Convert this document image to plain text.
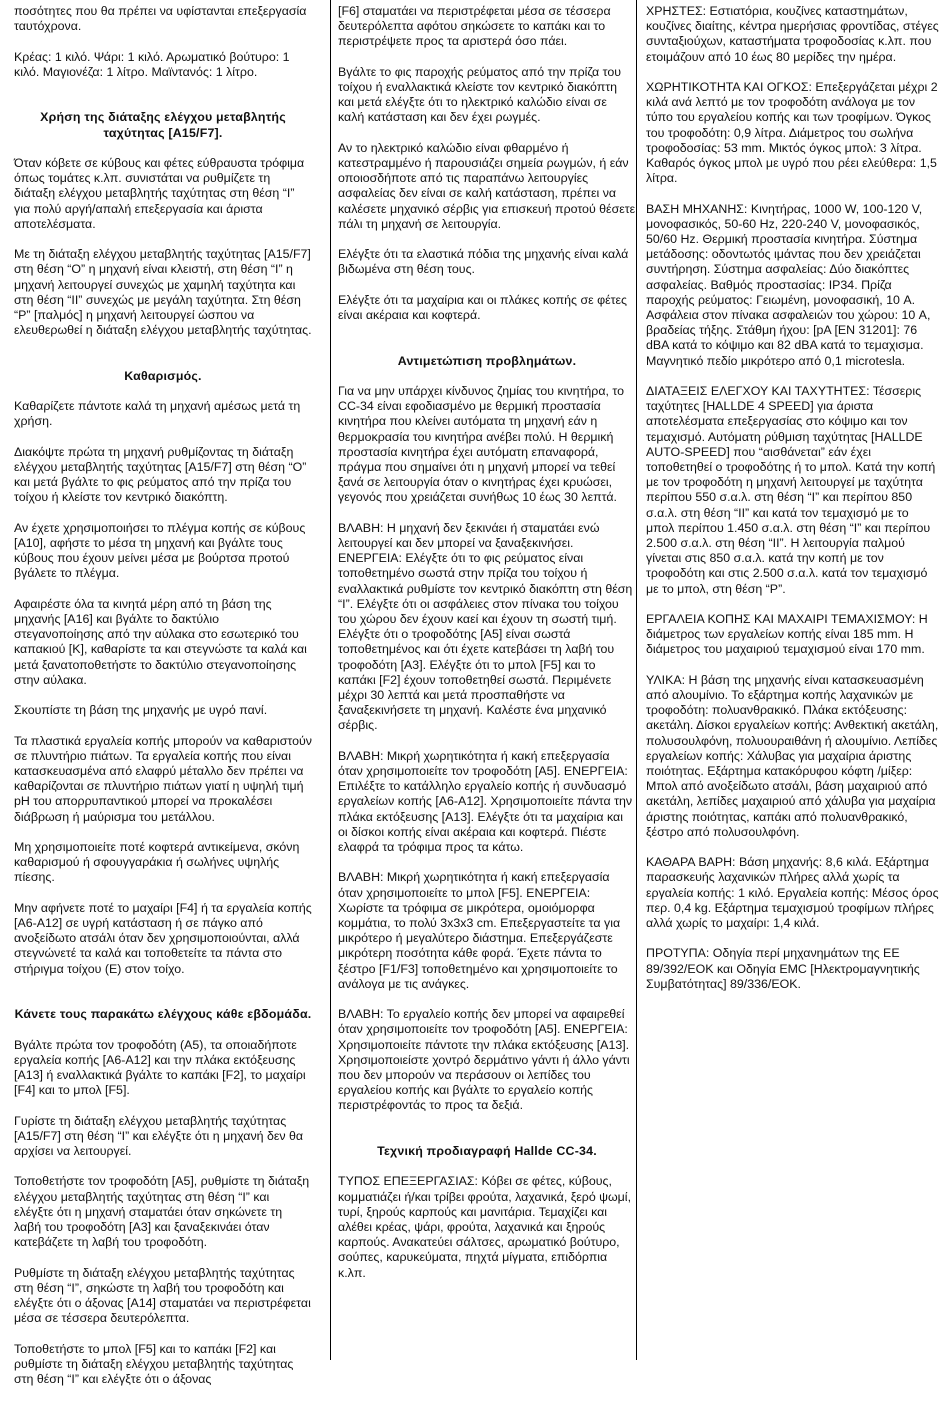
ποσότητες που θα πρέπει να υφίστανται επεξεργασία ταυτόχρονα.

Κρέας: 1 κιλό. Ψάρι: 1 κιλό. Αρωματικό βούτυρο: 1 κιλό. Μαγιονέζα: 1 λίτρο. Μαϊντανός: 1 λίτρο.

Χρήση της διάταξης ελέγχου μεταβλητής ταχύτητας [A15/F7].

Όταν κόβετε σε κύβους και φέτες εύθραυστα τρόφιμα όπως τομάτες κ.λπ. συνιστάται να ρυθμίζετε τη διάταξη ελέγχου μεταβλητής ταχύτητας στη θέση “I” για πολύ αργή/απαλή επεξεργασία και άριστα αποτελέσματα.

Με τη διάταξη ελέγχου μεταβλητής ταχύτητας [A15/F7] στη θέση “O” η μηχανή είναι κλειστή, στη θέση “I” η μηχανή λειτουργεί συνεχώς με χαμηλή ταχύτητα και στη θέση “II” συνεχώς με μεγάλη ταχύτητα. Στη θέση “P” [παλμός] η μηχανή λειτουργεί ώσπου να ελευθερωθεί η διάταξη ελέγχου μεταβλητής ταχύτητας.

Καθαρισμός.

Καθαρίζετε πάντοτε καλά τη μηχανή αμέσως μετά τη χρήση.

Διακόψτε πρώτα τη μηχανή ρυθμίζοντας τη διάταξη ελέγχου μεταβλητής ταχύτητας [A15/F7] στη θέση “O” και μετά βγάλτε το φις ρεύματος από την πρίζα του τοίχου ή κλείστε τον κεντρικό διακόπτη.

Αν έχετε χρησιμοποιήσει το πλέγμα κοπής σε κύβους [A10], αφήστε το μέσα τη μηχανή και βγάλτε τους κύβους που έχουν μείνει μέσα με βούρτσα προτού βγάλετε το πλέγμα.

Αφαιρέστε όλα τα κινητά μέρη από τη βάση της μηχανής [A16] και βγάλτε το δακτύλιο στεγανοποίησης από την αύλακα στο εσωτερικό του καπακιού [K], καθαρίστε τα και στεγνώστε τα καλά και μετά ξανατοποθετήστε το δακτύλιο στεγανοποίησης στην αύλακα.

Σκουπίστε τη βάση της μηχανής με υγρό πανί.

Τα πλαστικά εργαλεία κοπής μπορούν να καθαριστούν σε πλυντήριο πιάτων. Τα εργαλεία κοπής που είναι κατασκευασμένα από ελαφρύ μέταλλο δεν πρέπει να καθαρίζονται σε πλυντήριο πιάτων γιατί η υψηλή τιμή pH του απορρυπαντικού μπορεί να προκαλέσει διάβρωση ή μαύρισμα του μετάλλου.

Μη χρησιμοποιείτε ποτέ κοφτερά αντικείμενα, σκόνη καθαρισμού ή σφουγγαράκια ή σωλήνες υψηλής πίεσης.

Μην αφήνετε ποτέ το μαχαίρι [F4] ή τα εργαλεία κοπής [A6-A12] σε υγρή κατάσταση ή σε πάγκο από ανοξείδωτο ατσάλι όταν δεν χρησιμοποιούνται, αλλά στεγνώνετέ τα καλά και τοποθετείτε τα πάντα στο στήριγμα τοίχου (E) στον τοίχο.

Κάνετε τους παρακάτω ελέγχους κάθε εβδομάδα.

Βγάλτε πρώτα τον τροφοδότη (A5), τα οποιαδήποτε εργαλεία κοπής [A6-A12] και την πλάκα εκτόξευσης [A13] ή εναλλακτικά βγάλτε το καπάκι [F2], το μαχαίρι [F4] και το μπολ [F5].

Γυρίστε τη διάταξη ελέγχου μεταβλητής ταχύτητας [A15/F7] στη θέση “I” και ελέγξτε ότι η μηχανή δεν θα αρχίσει να λειτουργεί.

Τοποθετήστε τον τροφοδότη [A5], ρυθμίστε τη διάταξη ελέγχου μεταβλητής ταχύτητας στη θέση “I” και ελέγξτε ότι η μηχανή σταματάει όταν σηκώνετε τη λαβή του τροφοδότη [A3] και ξαναξεκινάει όταν κατεβάζετε τη λαβή του τροφοδότη.

Ρυθμίστε τη διάταξη ελέγχου μεταβλητής ταχύτητας στη θέση “I”, σηκώστε τη λαβή του τροφοδότη και ελέγξτε ότι ο άξονας [A14] σταματάει να περιστρέφεται μέσα σε τέσσερα δευτερόλεπτα.

Τοποθετήστε το μπολ [F5] και το καπάκι [F2] και ρυθμίστε τη διάταξη ελέγχου μεταβλητής ταχύτητας στη θέση “I” και ελέγξτε ότι ο άξονας

[F6] σταματάει να περιστρέφεται μέσα σε τέσσερα δευτερόλεπτα αφότου σηκώσετε το καπάκι και το περιστρέψετε προς τα αριστερά όσο πάει.

Βγάλτε το φις παροχής ρεύματος από την πρίζα του τοίχου ή εναλλακτικά κλείστε τον κεντρικό διακόπτη και μετά ελέγξτε ότι το ηλεκτρικό καλώδιο είναι σε καλή κατάσταση και δεν έχει ρωγμές.

Αν το ηλεκτρικό καλώδιο είναι φθαρμένο ή κατεστραμμένο ή παρουσιάζει σημεία ρωγμών, ή εάν οποιοσδήποτε από τις παραπάνω λειτουργίες ασφαλείας δεν είναι σε καλή κατάσταση, πρέπει να καλέσετε μηχανικό σέρβις για επισκευή προτού θέσετε πάλι τη μηχανή σε λειτουργία.

Ελέγξτε ότι τα ελαστικά πόδια της μηχανής είναι καλά βιδωμένα στη θέση τους.

Ελέγξτε ότι τα μαχαίρια και οι πλάκες κοπής σε φέτες είναι ακέραια και κοφτερά.

Αντιμετώπιση προβλημάτων.

Για να μην υπάρχει κίνδυνος ζημίας του κινητήρα, το CC-34 είναι εφοδιασμένο με θερμική προστασία κινητήρα που κλείνει αυτόματα τη μηχανή εάν η θερμοκρασία του κινητήρα ανέβει πολύ. Η θερμική προστασία κινητήρα έχει αυτόματη επαναφορά, πράγμα που σημαίνει ότι η μηχανή μπορεί να τεθεί ξανά σε λειτουργία όταν ο κινητήρας έχει κρυώσει, γεγονός που χρειάζεται συνήθως 10 έως 30 λεπτά.

ΒΛΑΒΗ: Η μηχανή δεν ξεκινάει ή σταματάει ενώ λειτουργεί και δεν μπορεί να ξαναξεκινήσει. ΕΝΕΡΓΕΙΑ: Ελέγξτε ότι το φις ρεύματος είναι τοποθετημένο σωστά στην πρίζα του τοίχου ή εναλλακτικά ρυθμίστε τον κεντρικό διακόπτη στη θέση “I”. Ελέγξτε ότι οι ασφάλειες στον πίνακα του τοίχου του χώρου δεν έχουν καεί και έχουν τη σωστή τιμή. Ελέγξτε ότι ο τροφοδότης [A5] είναι σωστά τοποθετημένος και ότι έχετε κατεβάσει τη λαβή του τροφοδότη [A3]. Ελέγξτε ότι το μπολ [F5] και το καπάκι [F2] έχουν τοποθετηθεί σωστά. Περιμένετε μέχρι 30 λεπτά και μετά προσπαθήστε να ξαναξεκινήσετε τη μηχανή. Καλέστε ένα μηχανικό σέρβις.

ΒΛΑΒΗ: Μικρή χωρητικότητα ή κακή επεξεργασία όταν χρησιμοποιείτε τον τροφοδότη [A5]. ΕΝΕΡΓΕΙΑ: Επιλέξτε το κατάλληλο εργαλείο κοπής ή συνδυασμό εργαλείων κοπής [A6-A12]. Χρησιμοποιείτε πάντα την πλάκα εκτόξευσης [A13]. Ελέγξτε ότι τα μαχαίρια και οι δίσκοι κοπής είναι ακέραια και κοφτερά. Πιέστε ελαφρά τα τρόφιμα προς τα κάτω.

ΒΛΑΒΗ: Μικρή χωρητικότητα ή κακή επεξεργασία όταν χρησιμοποιείτε το μπολ [F5]. ΕΝΕΡΓΕΙΑ: Χωρίστε τα τρόφιμα σε μικρότερα, ομοιόμορφα κομμάτια, το πολύ 3x3x3 cm. Επεξεργαστείτε τα για μικρότερο ή μεγαλύτερο διάστημα. Επεξεργάζεστε μικρότερη ποσότητα κάθε φορά. Έχετε πάντα το ξέστρο [F1/F3] τοποθετημένο και χρησιμοποιείτε το ανάλογα με τις ανάγκες.

ΒΛΑΒΗ: Το εργαλείο κοπής δεν μπορεί να αφαιρεθεί όταν χρησιμοποιείτε τον τροφοδότη [A5]. ΕΝΕΡΓΕΙΑ: Χρησιμοποιείτε πάντοτε την πλάκα εκτόξευσης [A13]. Χρησιμοποιείστε χοντρό δερμάτινο γάντι ή άλλο γάντι που δεν μπορούν να περάσουν οι λεπίδες του εργαλείου κοπής και βγάλτε το εργαλείο κοπής περιστρέφοντάς το προς τα δεξιά.

Τεχνική προδιαγραφή Hallde CC-34.

ΤΥΠΟΣ ΕΠΕΞΕΡΓΑΣΙΑΣ: Κόβει σε φέτες, κύβους, κομματιάζει ή/και τρίβει φρούτα, λαχανικά, ξερό ψωμί, τυρί, ξηρούς καρπούς και μανιτάρια. Τεμαχίζει και αλέθει κρέας, ψάρι, φρούτα, λαχανικά και ξηρούς καρπούς. Ανακατεύει σάλτσες, αρωματικό βούτυρο, σούπες, καρυκεύματα, πηχτά μίγματα, επιδόρπια κ.λπ.

ΧΡΗΣΤΕΣ: Εστιατόρια, κουζίνες καταστημάτων, κουζίνες διαίτης, κέντρα ημερήσιας φροντίδας, στέγες συνταξιούχων, καταστήματα τροφοδοσίας κ.λπ. που ετοιμάζουν από 10 έως 80 μερίδες την ημέρα.

ΧΩΡΗΤΙΚΟΤΗΤΑ ΚΑΙ ΟΓΚΟΣ: Επεξεργάζεται μέχρι 2 κιλά ανά λεπτό με τον τροφοδότη ανάλογα με τον τύπο του εργαλείου κοπής και των τροφίμων. Όγκος του τροφοδότη: 0,9 λίτρα. Διάμετρος του σωλήνα τροφοδοσίας: 53 mm. Μικτός όγκος μπολ: 3 λίτρα. Καθαρός όγκος μπολ με υγρό που ρέει ελεύθερα: 1,5 λίτρα.

ΒΑΣΗ ΜΗΧΑΝΗΣ: Κινητήρας, 1000 W, 100-120 V, μονοφασικός, 50-60 Hz, 220-240 V, μονοφασικός, 50/60 Hz. Θερμική προστασία κινητήρα. Σύστημα μετάδοσης: οδοντωτός ιμάντας που δεν χρειάζεται συντήρηση. Σύστημα ασφαλείας: Δύο διακόπτες ασφαλείας. Βαθμός προστασίας: IP34. Πρίζα παροχής ρεύματος: Γειωμένη, μονοφασική, 10 A. Ασφάλεια στον πίνακα ασφαλειών του χώρου: 10 A, βραδείας τήξης. Στάθμη ήχου: [pA [EN 31201]: 76 dBA κατά το κόψιμο και 82 dBA κατά το τεμαχισμα. Μαγνητικό πεδίο μικρότερο από 0,1 microtesla.

ΔΙΑΤΑΞΕΙΣ ΕΛΕΓΧΟΥ ΚΑΙ ΤΑΧΥΤΗΤΕΣ: Τέσσερις ταχύτητες [HALLDE 4 SPEED] για άριστα αποτελέσματα επεξεργασίας στο κόψιμο και τον τεμαχισμό. Αυτόματη ρύθμιση ταχύτητας [HALLDE AUTO-SPEED] που “αισθάνεται” εάν έχει τοποθετηθεί ο τροφοδότης ή το μπολ. Κατά την κοπή με τον τροφοδότη η μηχανή λειτουργεί με ταχύτητα περίπου 550 σ.α.λ. στη θέση “I” και περίπου 850 σ.α.λ. στη θέση “II” και κατά τον τεμαχισμό με το μπολ περίπου 1.450 σ.α.λ. στη θέση “I” και περίπου 2.500 σ.α.λ. στη θέση “II”. Η λειτουργία παλμού γίνεται στις 850 σ.α.λ. κατά την κοπή με τον τροφοδότη και στις 2.500 σ.α.λ. κατά τον τεμαχισμό με το μπολ, στη θέση “P”.

ΕΡΓΑΛΕΙΑ ΚΟΠΗΣ ΚΑΙ ΜΑΧΑΙΡΙ ΤΕΜΑΧΙΣΜΟΥ: Η διάμετρος των εργαλείων κοπής είναι 185 mm. Η διάμετρος του μαχαιριού τεμαχισμού είναι 170 mm.

ΥΛΙΚΑ: Η βάση της μηχανής είναι κατασκευασμένη από αλουμίνιο. Το εξάρτημα κοπής λαχανικών με τροφοδότη: πολυανθρακικό. Πλάκα εκτόξευσης: ακετάλη. Δίσκοι εργαλείων κοπής: Ανθεκτική ακετάλη, πολυσουλφόνη, πολυουραιθάνη ή αλουμίνιο. Λεπίδες εργαλείων κοπής: Χάλυβας για μαχαίρια άριστης ποιότητας. Εξάρτημα κατακόρυφου κόφτη /μίξερ: Μπολ από ανοξείδωτο ατσάλι, βάση μαχαιριού από ακετάλη, λεπίδες μαχαιριού από χάλυβα για μαχαίρια άριστης ποιότητας, καπάκι από πολυανθρακικό, ξέστρο από πολυσουλφόνη.

ΚΑΘΑΡΑ ΒΑΡΗ: Βάση μηχανής: 8,6 κιλά. Εξάρτημα παρασκευής λαχανικών πλήρες αλλά χωρίς τα εργαλεία κοπής: 1 κιλό. Εργαλεία κοπής: Μέσος όρος περ. 0,4 kg. Εξάρτημα τεμαχισμού τροφίμων πλήρες αλλά χωρίς το μαχαίρι: 1,4 κιλά.

ΠΡΟΤΥΠΑ: Οδηγία περί μηχανημάτων της ΕΕ 89/392/ΕΟΚ και Οδηγία EMC [Ηλεκτρομαγνητικής Συμβατότητας] 89/336/ΕΟΚ.
